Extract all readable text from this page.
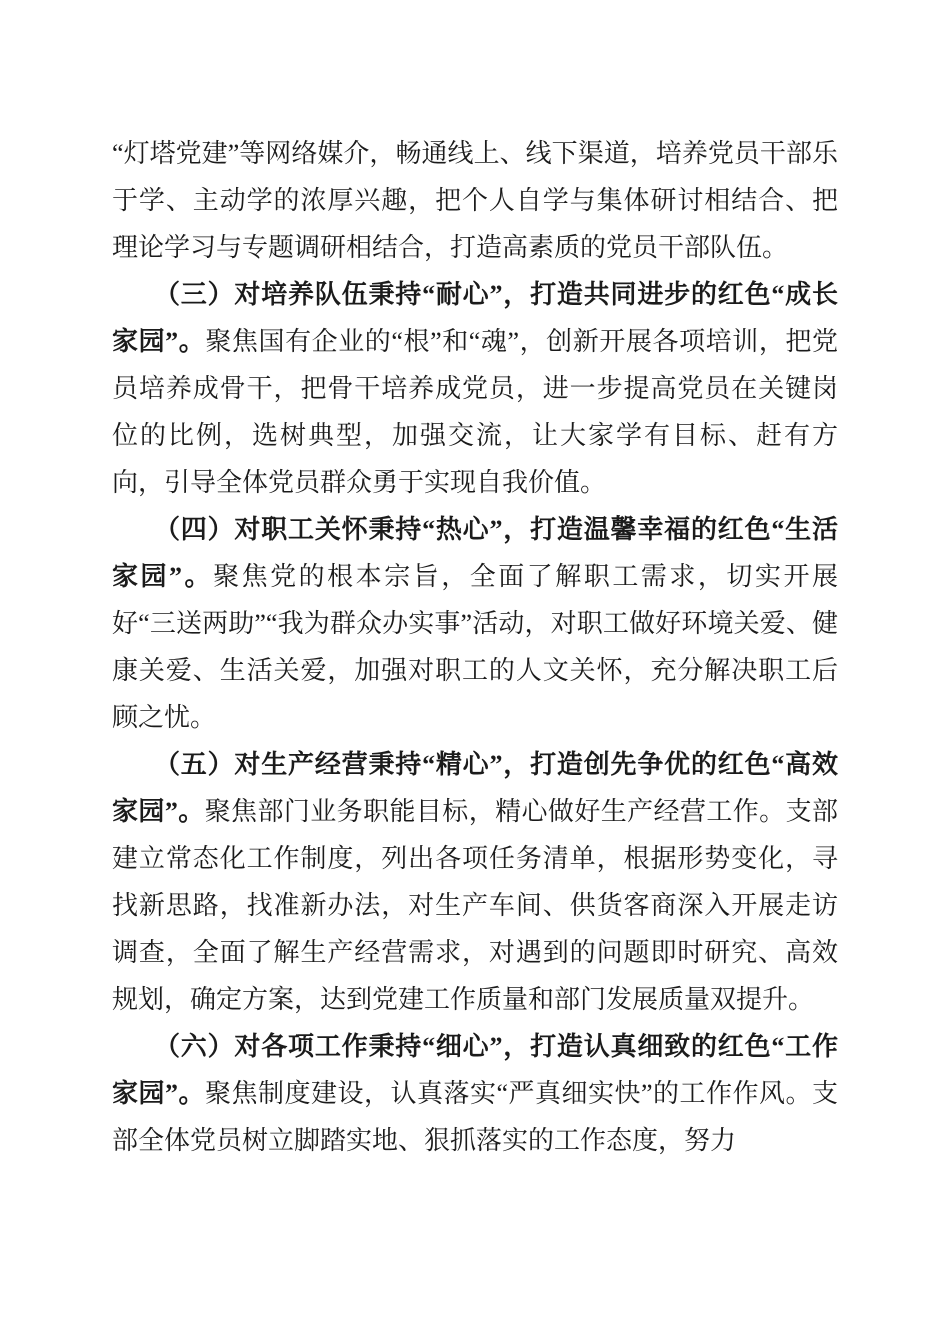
“灯塔党建”等网络媒介，畅通线上、线下渠道，培养党员干部乐于学、主动学的浓厚兴趣，把个人自学与集体研讨相结合、把理论学习与专题调研相结合，打造高素质的党员干部队伍。

（三）对培养队伍秉持“耐心”，打造共同进步的红色“成长家园”。聚焦国有企业的“根”和“魂”，创新开展各项培训，把党员培养成骨干，把骨干培养成党员，进一步提高党员在关键岗位的比例，选树典型，加强交流，让大家学有目标、赶有方向，引导全体党员群众勇于实现自我价值。

（四）对职工关怀秉持“热心”，打造温馨幸福的红色“生活家园”。聚焦党的根本宗旨，全面了解职工需求，切实开展好“三送两助”“我为群众办实事”活动，对职工做好环境关爱、健康关爱、生活关爱，加强对职工的人文关怀，充分解决职工后顾之忧。

（五）对生产经营秉持“精心”，打造创先争优的红色“高效家园”。聚焦部门业务职能目标，精心做好生产经营工作。支部建立常态化工作制度，列出各项任务清单，根据形势变化，寻找新思路，找准新办法，对生产车间、供货客商深入开展走访调查，全面了解生产经营需求，对遇到的问题即时研究、高效规划，确定方案，达到党建工作质量和部门发展质量双提升。

（六）对各项工作秉持“细心”，打造认真细致的红色“工作家园”。聚焦制度建设，认真落实“严真细实快”的工作作风。支部全体党员树立脚踏实地、狠抓落实的工作态度，努力
